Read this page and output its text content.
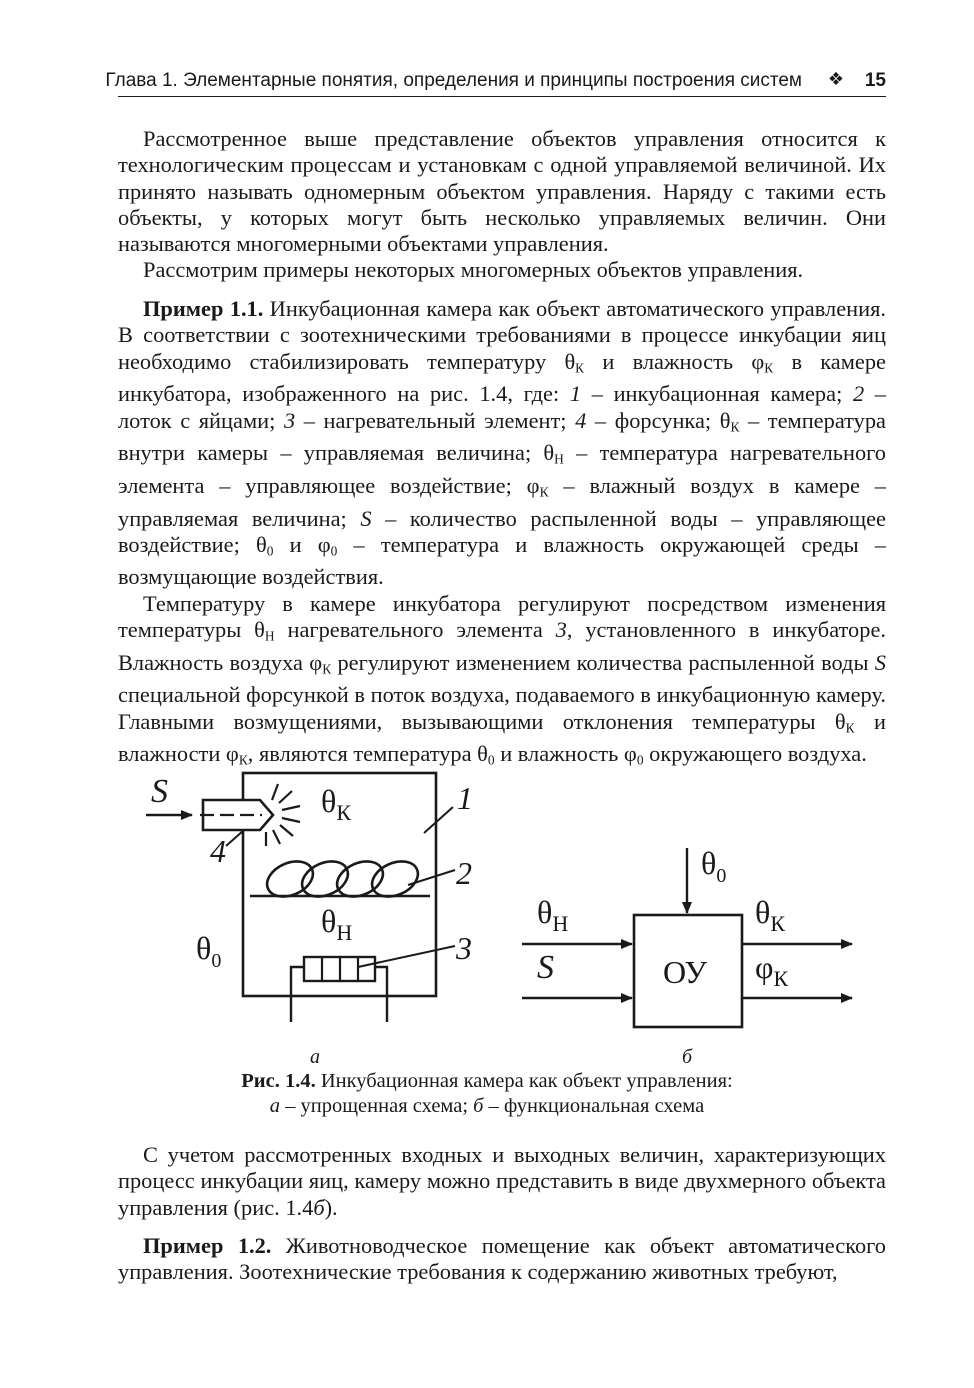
Глава 1. Элементарные понятия, определения и принципы построения систем ❖ 15

Рассмотренное выше представление объектов управления относится к технологическим процессам и установкам с одной управляемой величиной. Их принято называть одномерным объектом управления. Наряду с такими есть объекты, у которых могут быть несколько управляемых величин. Они называются многомерными объектами управления.

Рассмотрим примеры некоторых многомерных объектов управления.

Пример 1.1. Инкубационная камера как объект автоматического управления. В соответствии с зоотехническими требованиями в процессе инкубации яиц необходимо стабилизировать температуру $\theta_К$ и влажность $\varphi_К$ в камере инкубатора, изображенного на рис. 1.4, где: 1 – инкубационная камера; 2 – лоток с яйцами; 3 – нагревательный элемент; 4 – форсунка; $\theta_К$ – температура внутри камеры – управляемая величина; $\theta_Н$ – температура нагревательного элемента – управляющее воздействие; $\varphi_К$ – влажный воздух в камере – управляемая величина; S – количество распыленной воды – управляющее воздействие; $\theta_0$ и $\varphi_0$ – температура и влажность окружающей среды – возмущающие воздействия.

Температуру в камере инкубатора регулируют посредством изменения температуры $\theta_Н$ нагревательного элемента 3, установленного в инкубаторе. Влажность воздуха $\varphi_К$ регулируют изменением количества распыленной воды S специальной форсункой в поток воздуха, подаваемого в инкубационную камеру. Главными возмущениями, вызывающими отклонения температуры $\theta_К$ и влажности $\varphi_К$, являются температура $\theta_0$ и влажность $\varphi_0$ окружающего воздуха.

S	$\theta_К$	1
2
3
4
$\theta_Н$
$\theta_0$
а
$\theta_0$
$\theta_Н$
S	ОУ
$\theta_К$
$\varphi_К$
б
Рис. 1.4. Инкубационная камера как объект управления:
а – упрощенная схема; б – функциональная схема

С учетом рассмотренных входных и выходных величин, характеризующих процесс инкубации яиц, камеру можно представить в виде двухмерного объекта управления (рис. 1.4б).

Пример 1.2. Животноводческое помещение как объект автоматического управления. Зоотехнические требования к содержанию животных требуют,
